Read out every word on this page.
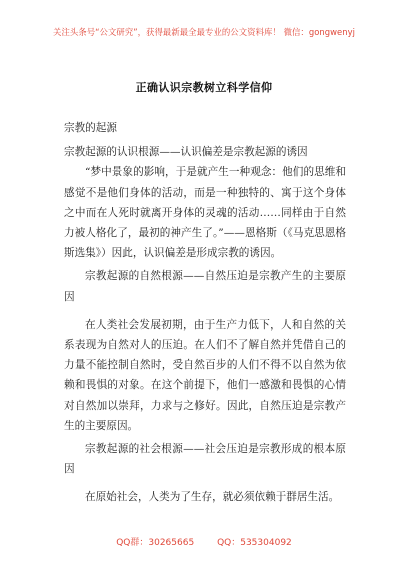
关注头条号“公文研究”，获得最新最全最专业的公文资料库！ 微信：gongwenyj
正确认识宗教树立科学信仰

宗教的起源

宗教起源的认识根源——认识偏差是宗教起源的诱因

“梦中景象的影响，于是就产生一种观念：他们的思维和感觉不是他们身体的活动，而是一种独特的、寓于这个身体之中而在人死时就离开身体的灵魂的活动……同样由于自然力被人格化了，最初的神产生了。”——恩格斯（《马克思恩格斯选集》）因此，认识偏差是形成宗教的诱因。

宗教起源的自然根源——自然压迫是宗教产生的主要原因

在人类社会发展初期，由于生产力低下，人和自然的关系表现为自然对人的压迫。在人们不了解自然并凭借自己的力量不能控制自然时，受自然百步的人们不得不以自然为依赖和畏惧的对象。在这个前提下，他们一感激和畏惧的心情对自然加以崇拜，力求与之修好。因此，自然压迫是宗教产生的主要原因。

宗教起源的社会根源——社会压迫是宗教形成的根本原因

在原始社会，人类为了生存，就必须依赖于群居生活。

QQ群：30265665        QQ：535304092
